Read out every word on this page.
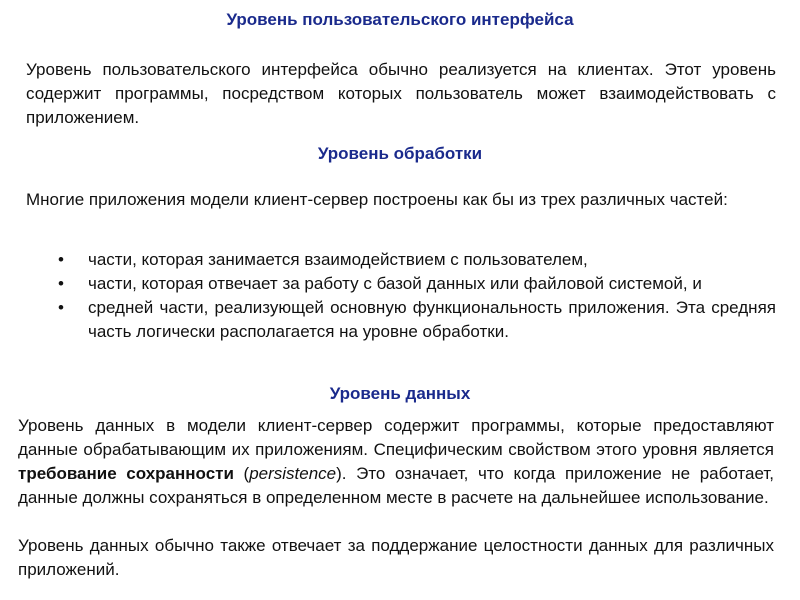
Уровень пользовательского интерфейса

Уровень пользовательского интерфейса обычно реализуется на клиентах. Этот уровень содержит программы, посредством которых пользователь может взаимодействовать с приложением.

Уровень обработки

Многие приложения модели клиент-сервер построены как бы из трех различных частей:

• части, которая занимается взаимодействием с пользователем,
• части, которая отвечает за работу с базой данных или файловой системой, и
• средней части, реализующей основную функциональность приложения. Эта средняя часть логически располагается на уровне обработки.
Уровень данных

Уровень данных в модели клиент-сервер содержит программы, которые предоставляют данные обрабатывающим их приложениям. Специфическим свойством этого уровня является требование сохранности (persistence). Это означает, что когда приложение не работает, данные должны сохраняться в определенном месте в расчете на дальнейшее использование.

Уровень данных обычно также отвечает за поддержание целостности данных для различных приложений.
